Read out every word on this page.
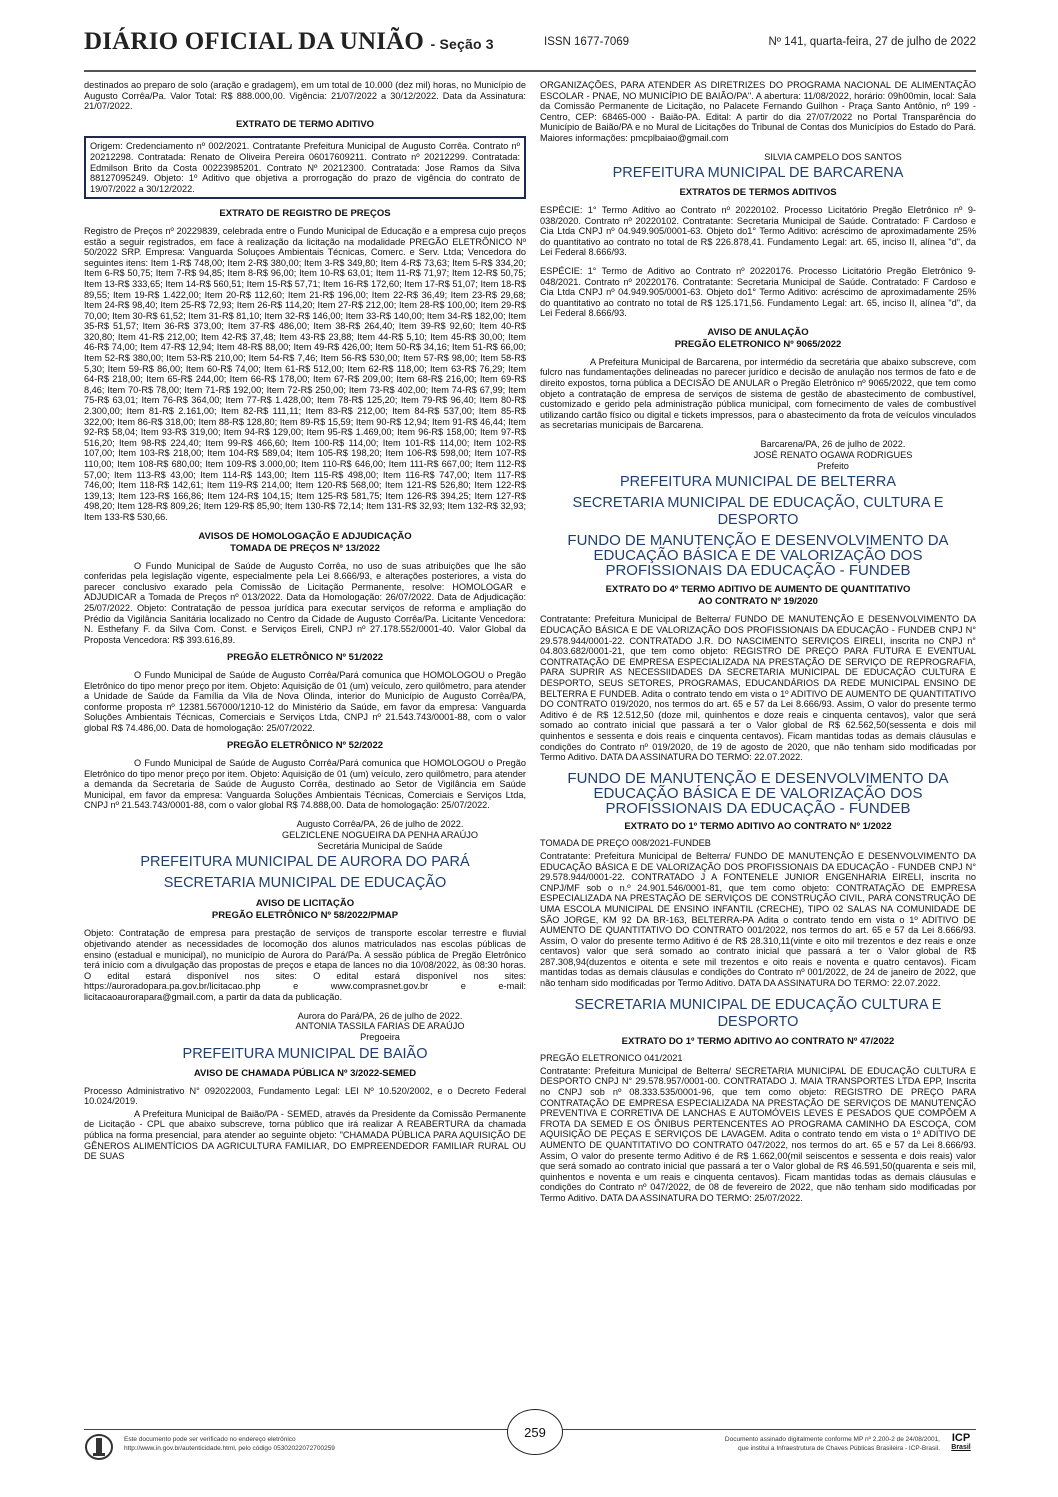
DIÁRIO OFICIAL DA UNIÃO - Seção 3	ISSN 1677-7069	Nº 141, quarta-feira, 27 de julho de 2022
destinados ao preparo de solo (aração e gradagem), em um total de 10.000 (dez mil) horas, no Município de Augusto Corrêa/Pa. Valor Total: R$ 888.000,00. Vigência: 21/07/2022 a 30/12/2022. Data da Assinatura: 21/07/2022.
EXTRATO DE TERMO ADITIVO
Origem: Credenciamento nº 002/2021. Contratante Prefeitura Municipal de Augusto Corrêa. Contrato nº 20212298. Contratada: Renato de Oliveira Pereira 06017609211. Contrato nº 20212299. Contratada: Edmilson Brito da Costa 00223985201. Contrato Nº 20212300. Contratada: Jose Ramos da Silva 88127095249. Objeto: 1º Aditivo que objetiva a prorrogação do prazo de vigência do contrato de 19/07/2022 a 30/12/2022.
EXTRATO DE REGISTRO DE PREÇOS
Registro de Preços nº 20229839, celebrada entre o Fundo Municipal de Educação e a empresa cujo preços estão a seguir registrados, em face à realização da licitação na modalidade PREGÃO ELETRÔNICO Nº 50/2022 SRP. Empresa: Vanguarda Soluçoes Ambientais Técnicas, Comerc. e Serv. Ltda; Vencedora do seguintes itens: Item 1-R$ 748,00; Item 2-R$ 380,00; Item 3-R$ 349,80; Item 4-R$ 73,63; Item 5-R$ 334,20; Item 6-R$ 50,75; Item 7-R$ 94,85; Item 8-R$ 96,00; Item 10-R$ 63,01; Item 11-R$ 71,97; Item 12-R$ 50,75; Item 13-R$ 333,65; Item 14-R$ 560,51; Item 15-R$ 57,71; Item 16-R$ 172,60; Item 17-R$ 51,07; Item 18-R$ 89,55; Item 19-R$ 1.422,00; Item 20-R$ 112,60; Item 21-R$ 196,00; Item 22-R$ 36,49; Item 23-R$ 29,68; Item 24-R$ 98,40; Item 25-R$ 72,93; Item 26-R$ 114,20; Item 27-R$ 212,00; Item 28-R$ 100,00; Item 29-R$ 70,00; Item 30-R$ 61,52; Item 31-R$ 81,10; Item 32-R$ 146,00; Item 33-R$ 140,00; Item 34-R$ 182,00; Item 35-R$ 51,57; Item 36-R$ 373,00; Item 37-R$ 486,00; Item 38-R$ 264,40; Item 39-R$ 92,60; Item 40-R$ 320,80; Item 41-R$ 212,00; Item 42-R$ 37,48; Item 43-R$ 23,88; Item 44-R$ 5,10; Item 45-R$ 30,00; Item 46-R$ 74,00; Item 47-R$ 12,94; Item 48-R$ 88,00; Item 49-R$ 426,00; Item 50-R$ 34,16; Item 51-R$ 66,00; Item 52-R$ 380,00; Item 53-R$ 210,00; Item 54-R$ 7,46; Item 56-R$ 530,00; Item 57-R$ 98,00; Item 58-R$ 5,30; Item 59-R$ 86,00; Item 60-R$ 74,00; Item 61-R$ 512,00; Item 62-R$ 118,00; Item 63-R$ 76,29; Item 64-R$ 218,00; Item 65-R$ 244,00; Item 66-R$ 178,00; Item 67-R$ 209,00; Item 68-R$ 216,00; Item 69-R$ 8,46; Item 70-R$ 78,00; Item 71-R$ 192,00; Item 72-R$ 250,00; Item 73-R$ 402,00; Item 74-R$ 67,99; Item 75-R$ 63,01; Item 76-R$ 364,00; Item 77-R$ 1.428,00; Item 78-R$ 125,20; Item 79-R$ 96,40; Item 80-R$ 2.300,00; Item 81-R$ 2.161,00; Item 82-R$ 111,11; Item 83-R$ 212,00; Item 84-R$ 537,00; Item 85-R$ 322,00; Item 86-R$ 318,00; Item 88-R$ 128,80; Item 89-R$ 15,59; Item 90-R$ 12,94; Item 91-R$ 46,44; Item 92-R$ 58,04; Item 93-R$ 319,00; Item 94-R$ 129,00; Item 95-R$ 1.469,00; Item 96-R$ 158,00; Item 97-R$ 516,20; Item 98-R$ 224,40; Item 99-R$ 466,60; Item 100-R$ 114,00; Item 101-R$ 114,00; Item 102-R$ 107,00; Item 103-R$ 218,00; Item 104-R$ 589,04; Item 105-R$ 198,20; Item 106-R$ 598,00; Item 107-R$ 110,00; Item 108-R$ 680,00; Item 109-R$ 3.000,00; Item 110-R$ 646,00; Item 111-R$ 667,00; Item 112-R$ 57,00; Item 113-R$ 43,00; Item 114-R$ 143,00; Item 115-R$ 498,00; Item 116-R$ 747,00; Item 117-R$ 746,00; Item 118-R$ 142,61; Item 119-R$ 214,00; Item 120-R$ 568,00; Item 121-R$ 526,80; Item 122-R$ 139,13; Item 123-R$ 166,86; Item 124-R$ 104,15; Item 125-R$ 581,75; Item 126-R$ 394,25; Item 127-R$ 498,20; Item 128-R$ 809,26; Item 129-R$ 85,90; Item 130-R$ 72,14; Item 131-R$ 32,93; Item 132-R$ 32,93; Item 133-R$ 530,66.
AVISOS DE HOMOLOGAÇÃO E ADJUDICAÇÃO
TOMADA DE PREÇOS Nº 13/2022
O Fundo Municipal de Saúde de Augusto Corrêa, no uso de suas atribuições que lhe são conferidas pela legislação vigente, especialmente pela Lei 8.666/93, e alterações posteriores, a vista do parecer conclusivo exarado pela Comissão de Licitação Permanente, resolve: HOMOLOGAR e ADJUDICAR a Tomada de Preços nº 013/2022. Data da Homologação: 26/07/2022. Data de Adjudicação: 25/07/2022. Objeto: Contratação de pessoa jurídica para executar serviços de reforma e ampliação do Prédio da Vigilância Sanitária localizado no Centro da Cidade de Augusto Corrêa/Pa. Licitante Vencedora: N. Esthefany F. da Silva Com. Const. e Serviços Eireli, CNPJ nº 27.178.552/0001-40. Valor Global da Proposta Vencedora: R$ 393.616,89.
PREGÃO ELETRÔNICO Nº 51/2022
O Fundo Municipal de Saúde de Augusto Corrêa/Pará comunica que HOMOLOGOU o Pregão Eletrônico do tipo menor preço por item. Objeto: Aquisição de 01 (um) veículo, zero quilômetro, para atender a Unidade de Saúde da Família da Vila de Nova Olinda, interior do Município de Augusto Corrêa/PA, conforme proposta nº 12381.567000/1210-12 do Ministério da Saúde, em favor da empresa: Vanguarda Soluções Ambientais Técnicas, Comerciais e Serviços Ltda, CNPJ nº 21.543.743/0001-88, com o valor global R$ 74.486,00. Data de homologação: 25/07/2022.
PREGÃO ELETRÔNICO Nº 52/2022
O Fundo Municipal de Saúde de Augusto Corrêa/Pará comunica que HOMOLOGOU o Pregão Eletrônico do tipo menor preço por item. Objeto: Aquisição de 01 (um) veículo, zero quilômetro, para atender a demanda da Secretaria de Saúde de Augusto Corrêa, destinado ao Setor de Vigilância em Saúde Municipal, em favor da empresa: Vanguarda Soluções Ambientais Técnicas, Comerciais e Serviços Ltda, CNPJ nº 21.543.743/0001-88, com o valor global R$ 74.888,00. Data de homologação: 25/07/2022.
Augusto Corrêa/PA, 26 de julho de 2022.
GELZICLENE NOGUEIRA DA PENHA ARAÚJO
Secretária Municipal de Saúde
PREFEITURA MUNICIPAL DE AURORA DO PARÁ
SECRETARIA MUNICIPAL DE EDUCAÇÃO
AVISO DE LICITAÇÃO
PREGÃO ELETRÔNICO Nº 58/2022/PMAP
Objeto: Contratação de empresa para prestação de serviços de transporte escolar terrestre e fluvial objetivando atender as necessidades de locomoção dos alunos matriculados nas escolas públicas de ensino (estadual e municipal), no município de Aurora do Pará/Pa. A sessão pública de Pregão Eletrônico terá início com a divulgação das propostas de preços e etapa de lances no dia 10/08/2022, às 08:30 horas. O edital estará disponível nos sites: O edital estará disponível nos sites: https://auroradopara.pa.gov.br/licitacao.php e www.comprasnet.gov.br e e-mail: licitacaoaurorapara@gmail.com, a partir da data da publicação.
Aurora do Pará/PA, 26 de julho de 2022.
ANTONIA TASSILA FARIAS DE ARAÚJO
Pregoeira
PREFEITURA MUNICIPAL DE BAIÃO
AVISO DE CHAMADA PÚBLICA Nº 3/2022-SEMED
Processo Administrativo N° 092022003, Fundamento Legal: LEI Nº 10.520/2002, e o Decreto Federal 10.024/2019.
A Prefeitura Municipal de Baião/PA - SEMED, através da Presidente da Comissão Permanente de Licitação - CPL que abaixo subscreve, torna público que irá realizar A REABERTURA da chamada pública na forma presencial, para atender ao seguinte objeto: "CHAMADA PÚBLICA PARA AQUISIÇÃO DE GÊNEROS ALIMENTÍCIOS DA AGRICULTURA FAMILIAR, DO EMPREENDEDOR FAMILIAR RURAL OU DE SUAS
ORGANIZAÇÕES, PARA ATENDER AS DIRETRIZES DO PROGRAMA NACIONAL DE ALIMENTAÇÃO ESCOLAR - PNAE, NO MUNICÍPIO DE BAIÃO/PA". A abertura: 11/08/2022, horário: 09h00min, local: Sala da Comissão Permanente de Licitação, no Palacete Fernando Guilhon - Praça Santo Antônio, nº 199 - Centro, CEP: 68465-000 - Baião-PA. Edital: A partir do dia 27/07/2022 no Portal Transparência do Município de Baião/PA e no Mural de Licitações do Tribunal de Contas dos Municípios do Estado do Pará. Maiores informações: pmcplbaiao@gmail.com
SILVIA CAMPELO DOS SANTOS
PREFEITURA MUNICIPAL DE BARCARENA
EXTRATOS DE TERMOS ADITIVOS
ESPÉCIE: 1° Termo Aditivo ao Contrato nº 20220102. Processo Licitatório Pregão Eletrônico nº 9-038/2020. Contrato nº 20220102. Contratante: Secretaria Municipal de Saúde. Contratado: F Cardoso e Cia Ltda CNPJ nº 04.949.905/0001-63. Objeto do1° Termo Aditivo: acréscimo de aproximadamente 25% do quantitativo ao contrato no total de R$ 226.878,41. Fundamento Legal: art. 65, inciso II, alínea "d", da Lei Federal 8.666/93.
ESPÉCIE: 1° Termo de Aditivo ao Contrato nº 20220176. Processo Licitatório Pregão Eletrônico 9-048/2021. Contrato nº 20220176. Contratante: Secretaria Municipal de Saúde. Contratado: F Cardoso e Cia Ltda CNPJ nº 04.949.905/0001-63. Objeto do1° Termo Aditivo: acréscimo de aproximadamente 25% do quantitativo ao contrato no total de R$ 125.171,56. Fundamento Legal: art. 65, inciso II, alínea "d", da Lei Federal 8.666/93.
AVISO DE ANULAÇÃO
PREGÃO ELETRONICO Nº 9065/2022
A Prefeitura Municipal de Barcarena, por intermédio da secretária que abaixo subscreve, com fulcro nas fundamentações delineadas no parecer jurídico e decisão de anulação nos termos de fato e de direito expostos, torna pública a DECISÃO DE ANULAR o Pregão Eletrônico nº 9065/2022, que tem como objeto a contratação de empresa de serviços de sistema de gestão de abastecimento de combustível, customizado e gerido pela administração pública municipal, com fornecimento de vales de combustível utilizando cartão físico ou digital e tickets impressos, para o abastecimento da frota de veículos vinculados as secretarias municipais de Barcarena.
Barcarena/PA, 26 de julho de 2022.
JOSÉ RENATO OGAWA RODRIGUES
Prefeito
PREFEITURA MUNICIPAL DE BELTERRA
SECRETARIA MUNICIPAL DE EDUCAÇÃO, CULTURA E DESPORTO
FUNDO DE MANUTENÇÃO E DESENVOLVIMENTO DA EDUCAÇÃO BÁSICA E DE VALORIZAÇÃO DOS PROFISSIONAIS DA EDUCAÇÃO - FUNDEB
EXTRATO DO 4º TERMO ADITIVO DE AUMENTO DE QUANTITATIVO
AO CONTRATO Nº 19/2020
Contratante: Prefeitura Municipal de Belterra/ FUNDO DE MANUTENÇÃO E DESENVOLVIMENTO DA EDUCAÇÃO BÁSICA E DE VALORIZAÇÃO DOS PROFISSIONAIS DA EDUCAÇÃO - FUNDEB CNPJ N° 29.578.944/0001-22. CONTRATADO J.R. DO NASCIMENTO SERVIÇOS EIRELI, inscrita no CNPJ n° 04.803.682/0001-21, que tem como objeto: REGISTRO DE PREÇO PARA FUTURA E EVENTUAL CONTRATAÇÃO DE EMPRESA ESPECIALIZADA NA PRESTAÇÃO DE SERVIÇO DE REPROGRAFIA, PARA SUPRIR AS NECESSIIDADES DA SECRETARIA MUNICIPAL DE EDUCAÇÃO CULTURA E DESPORTO, SEUS SETORES, PROGRAMAS, EDUCANDÁRIOS DA REDE MUNICIPAL ENSINO DE BELTERRA E FUNDEB. Adita o contrato tendo em vista o 1º ADITIVO DE AUMENTO DE QUANTITATIVO DO CONTRATO 019/2020, nos termos do art. 65 e 57 da Lei 8.666/93. Assim, O valor do presente termo Aditivo é de R$ 12.512,50 (doze mil, quinhentos e doze reais e cinquenta centavos), valor que será somado ao contrato inicial que passará a ter o Valor global de R$ 62.562,50(sessenta e dois mil quinhentos e sessenta e dois reais e cinquenta centavos). Ficam mantidas todas as demais cláusulas e condições do Contrato nº 019/2020, de 19 de agosto de 2020, que não tenham sido modificadas por Termo Aditivo. DATA DA ASSINATURA DO TERMO: 22.07.2022.
FUNDO DE MANUTENÇÃO E DESENVOLVIMENTO DA EDUCAÇÃO BÁSICA E DE VALORIZAÇÃO DOS PROFISSIONAIS DA EDUCAÇÃO - FUNDEB
EXTRATO DO 1º TERMO ADITIVO AO CONTRATO Nº 1/2022
TOMADA DE PREÇO 008/2021-FUNDEB
Contratante: Prefeitura Municipal de Belterra/ FUNDO DE MANUTENÇÃO E DESENVOLVIMENTO DA EDUCAÇÃO BÁSICA E DE VALORIZAÇÃO DOS PROFISSIONAIS DA EDUCAÇÃO - FUNDEB CNPJ N° 29.578.944/0001-22. CONTRATADO J A FONTENELE JUNIOR ENGENHARIA EIRELI, inscrita no CNPJ/MF sob o n.º 24.901.546/0001-81, que tem como objeto: CONTRATAÇÃO DE EMPRESA ESPECIALIZADA NA PRESTAÇÃO DE SERVIÇOS DE CONSTRUÇÃO CIVIL, PARA CONSTRUÇÃO DE UMA ESCOLA MUNICIPAL DE ENSINO INFANTIL (CRECHE), TIPO 02 SALAS NA COMUNIDADE DE SÃO JORGE, KM 92 DA BR-163, BELTERRA-PA Adita o contrato tendo em vista o 1º ADITIVO DE AUMENTO DE QUANTITATIVO DO CONTRATO 001/2022, nos termos do art. 65 e 57 da Lei 8.666/93. Assim, O valor do presente termo Aditivo é de R$ 28.310,11(vinte e oito mil trezentos e dez reais e onze centavos) valor que será somado ao contrato inicial que passará a ter o Valor global de R$ 287.308,94(duzentos e oitenta e sete mil trezentos e oito reais e noventa e quatro centavos). Ficam mantidas todas as demais cláusulas e condições do Contrato nº 001/2022, de 24 de janeiro de 2022, que não tenham sido modificadas por Termo Aditivo. DATA DA ASSINATURA DO TERMO: 22.07.2022.
SECRETARIA MUNICIPAL DE EDUCAÇÃO CULTURA E DESPORTO
EXTRATO DO 1º TERMO ADITIVO AO CONTRATO Nº 47/2022
PREGÃO ELETRONICO 041/2021
Contratante: Prefeitura Municipal de Belterra/ SECRETARIA MUNICIPAL DE EDUCAÇÃO CULTURA E DESPORTO CNPJ N° 29.578.957/0001-00. CONTRATADO J. MAIA TRANSPORTES LTDA EPP, Inscrita no CNPJ sob nº 08.333.535/0001-96, que tem como objeto: REGISTRO DE PREÇO PARA CONTRATAÇÃO DE EMPRESA ESPECIALIZADA NA PRESTAÇÃO DE SERVIÇOS DE MANUTENÇÃO PREVENTIVA E CORRETIVA DE LANCHAS E AUTOMÓVEIS LEVES E PESADOS QUE COMPÕEM A FROTA DA SEMED E OS ÔNIBUS PERTENCENTES AO PROGRAMA CAMINHO DA ESCOÇA, COM AQUISIÇÃO DE PEÇAS E SERVIÇOS DE LAVAGEM. Adita o contrato tendo em vista o 1º ADITIVO DE AUMENTO DE QUANTITATIVO DO CONTRATO 047/2022, nos termos do art. 65 e 57 da Lei 8.666/93. Assim, O valor do presente termo Aditivo é de R$ 1.662,00(mil seiscentos e sessenta e dois reais) valor que será somado ao contrato inicial que passará a ter o Valor global de R$ 46.591,50(quarenta e seis mil, quinhentos e noventa e um reais e cinquenta centavos). Ficam mantidas todas as demais cláusulas e condições do Contrato nº 047/2022, de 08 de fevereiro de 2022, que não tenham sido modificadas por Termo Aditivo. DATA DA ASSINATURA DO TERMO: 25/07/2022.
Este documento pode ser verificado no endereço eletrônico
http://www.in.gov.br/autenticidade.html, pelo código 05302022072700259
259	Documento assinado digitalmente conforme MP nº 2.200-2 de 24/08/2001,
que institui a Infraestrutura de Chaves Públicas Brasileira - ICP-Brasil.
ICP
Brasil
